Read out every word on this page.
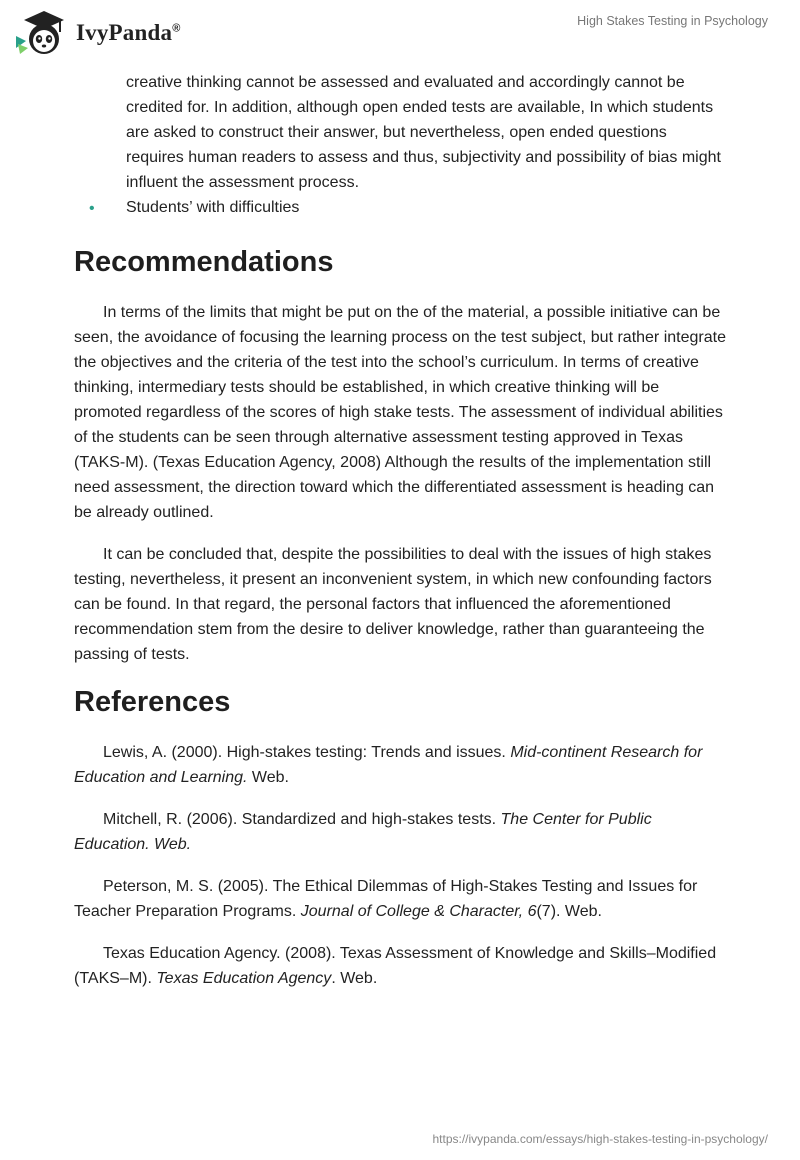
IvyPanda®
High Stakes Testing in Psychology
creative thinking cannot be assessed and evaluated and accordingly cannot be credited for. In addition, although open ended tests are available, In which students are asked to construct their answer, but nevertheless, open ended questions requires human readers to assess and thus, subjectivity and possibility of bias might influent the assessment process.
• Students’ with difficulties
Recommendations

In terms of the limits that might be put on the of the material, a possible initiative can be seen, the avoidance of focusing the learning process on the test subject, but rather integrate the objectives and the criteria of the test into the school’s curriculum. In terms of creative thinking, intermediary tests should be established, in which creative thinking will be promoted regardless of the scores of high stake tests. The assessment of individual abilities of the students can be seen through alternative assessment testing approved in Texas (TAKS-M). (Texas Education Agency, 2008) Although the results of the implementation still need assessment, the direction toward which the differentiated assessment is heading can be already outlined.

It can be concluded that, despite the possibilities to deal with the issues of high stakes testing, nevertheless, it present an inconvenient system, in which new confounding factors can be found. In that regard, the personal factors that influenced the aforementioned recommendation stem from the desire to deliver knowledge, rather than guaranteeing the passing of tests.

References

Lewis, A. (2000). High-stakes testing: Trends and issues. Mid-continent Research for Education and Learning. Web.

Mitchell, R. (2006). Standardized and high-stakes tests. The Center for Public Education. Web.

Peterson, M. S. (2005). The Ethical Dilemmas of High-Stakes Testing and Issues for Teacher Preparation Programs. Journal of College & Character, 6(7). Web.

Texas Education Agency. (2008). Texas Assessment of Knowledge and Skills–Modified (TAKS–M). Texas Education Agency. Web.

https://ivypanda.com/essays/high-stakes-testing-in-psychology/
